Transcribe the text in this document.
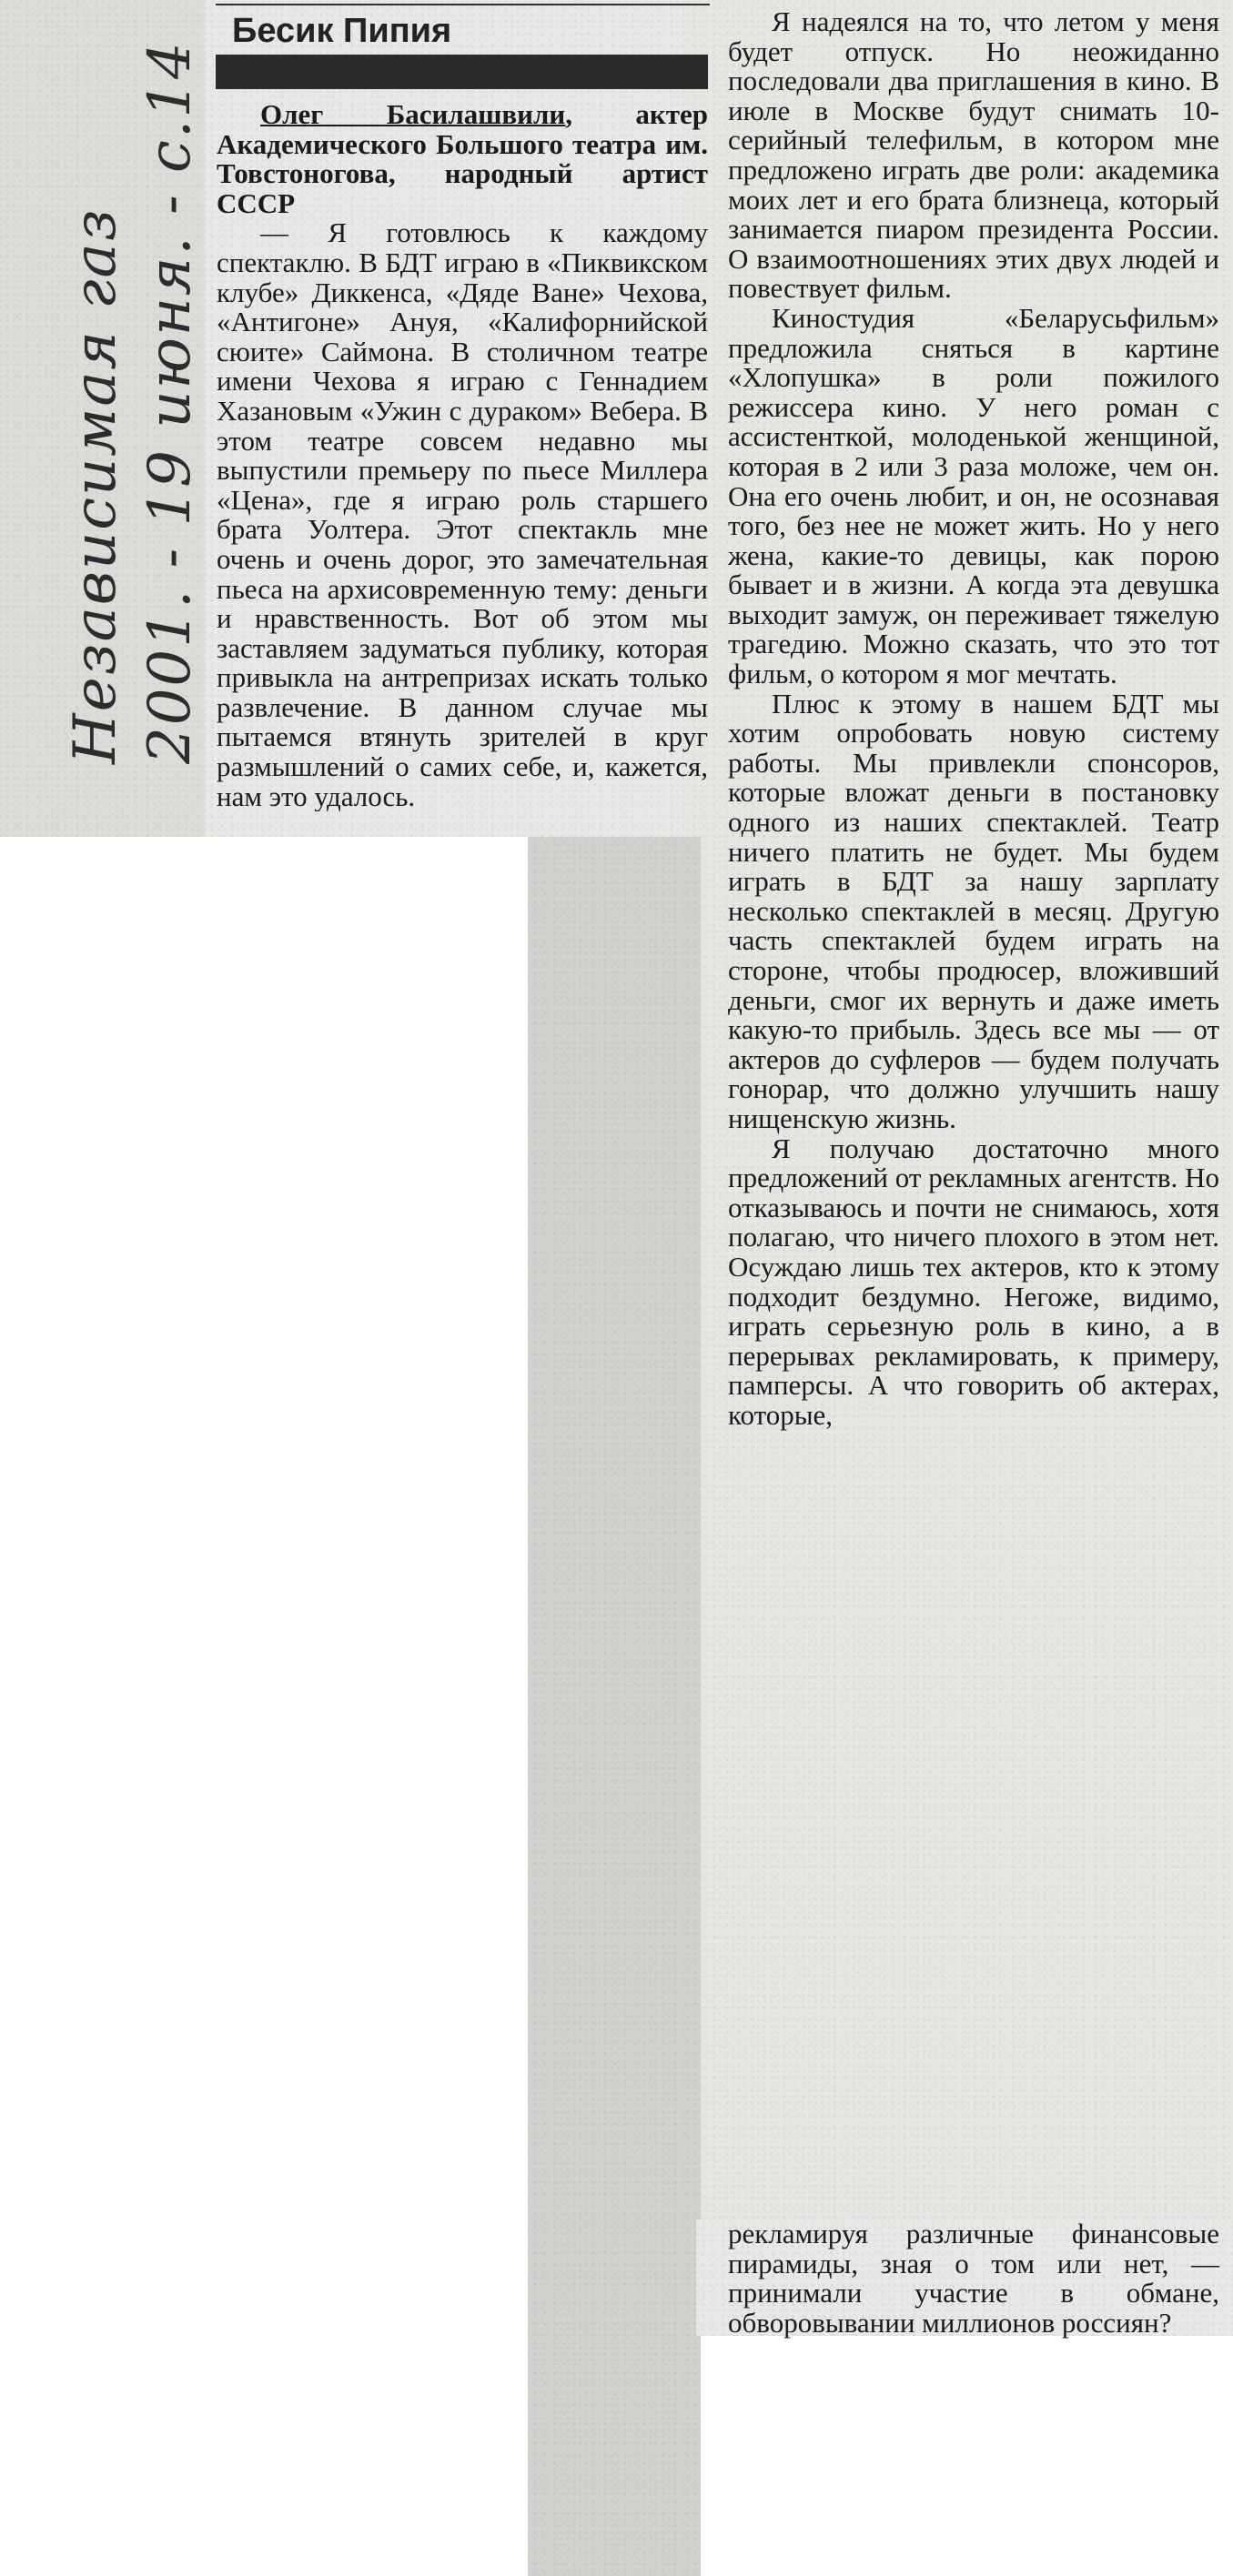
Независимая газ 2001. - 19 июня. - с.14
Бесик Пипия

Олег Басилашвили, актер Академического Большого театра им. Товстоногова, народный артист СССР

— Я готовлюсь к каждому спектаклю. В БДТ играю в «Пиквикском клубе» Диккенса, «Дяде Ване» Чехова, «Антигоне» Ануя, «Калифорнийской сюите» Саймона. В столичном театре имени Чехова я играю с Геннадием Хазановым «Ужин с дураком» Вебера. В этом театре совсем недавно мы выпустили премьеру по пьесе Миллера «Цена», где я играю роль старшего брата Уолтера. Этот спектакль мне очень и очень дорог, это замечательная пьеса на архисовременную тему: деньги и нравственность. Вот об этом мы заставляем задуматься публику, которая привыкла на антрепризах искать только развлечение. В данном случае мы пытаемся втянуть зрителей в круг размышлений о самих себе, и, кажется, нам это удалось.

Я надеялся на то, что летом у меня будет отпуск. Но неожиданно последовали два приглашения в кино. В июле в Москве будут снимать 10-серийный телефильм, в котором мне предложено играть две роли: академика моих лет и его брата близнеца, который занимается пиаром президента России. О взаимоотношениях этих двух людей и повествует фильм.

Киностудия «Беларусьфильм» предложила сняться в картине «Хлопушка» в роли пожилого режиссера кино. У него роман с ассистенткой, молоденькой женщиной, которая в 2 или 3 раза моложе, чем он. Она его очень любит, и он, не осознавая того, без нее не может жить. Но у него жена, какие-то девицы, как порою бывает и в жизни. А когда эта девушка выходит замуж, он переживает тяжелую трагедию. Можно сказать, что это тот фильм, о котором я мог мечтать.

Плюс к этому в нашем БДТ мы хотим опробовать новую систему работы. Мы привлекли спонсоров, которые вложат деньги в постановку одного из наших спектаклей. Театр ничего платить не будет. Мы будем играть в БДТ за нашу зарплату несколько спектаклей в месяц. Другую часть спектаклей будем играть на стороне, чтобы продюсер, вложивший деньги, смог их вернуть и даже иметь какую-то прибыль. Здесь все мы — от актеров до суфлеров — будем получать гонорар, что должно улучшить нашу нищенскую жизнь.

Я получаю достаточно много предложений от рекламных агентств. Но отказываюсь и почти не снимаюсь, хотя полагаю, что ничего плохого в этом нет. Осуждаю лишь тех актеров, кто к этому подходит бездумно. Негоже, видимо, играть серьезную роль в кино, а в перерывах рекламировать, к примеру, памперсы. А что говорить об актерах, которые,

рекламируя различные финансовые пирамиды, зная о том или нет, — принимали участие в обмане, обворовывании миллионов россиян?
